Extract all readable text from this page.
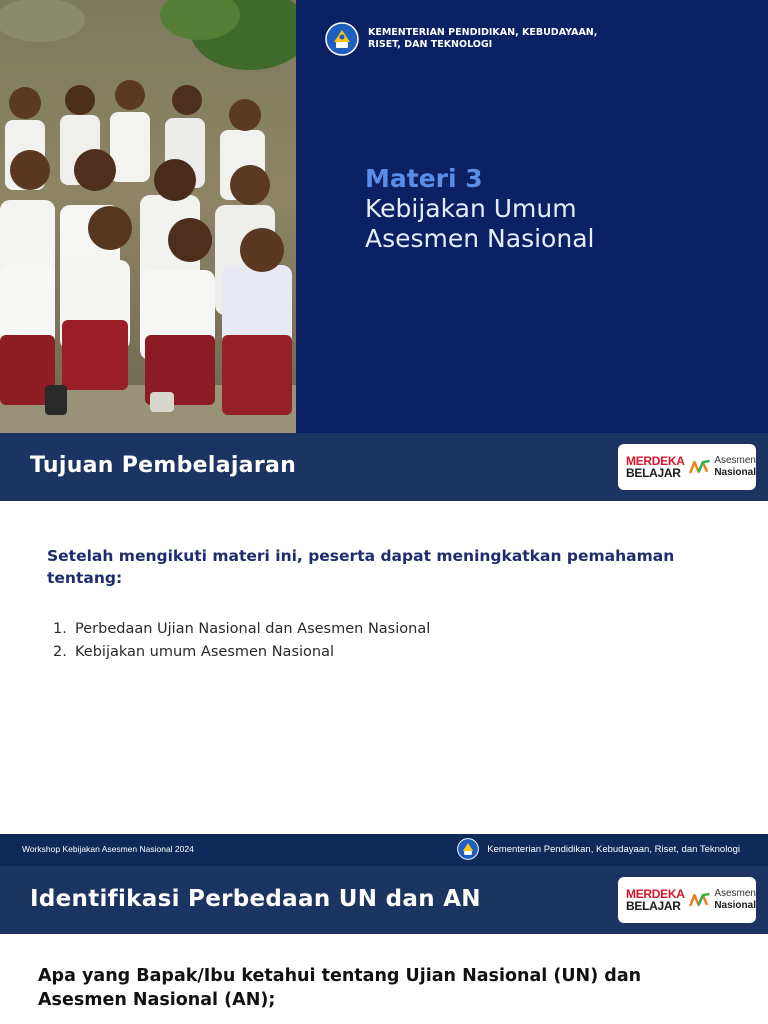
KEMENTERIAN PENDIDIKAN, KEBUDAYAAN,
RISET, DAN TEKNOLOGI
Materi 3
Kebijakan Umum
Asesmen Nasional
Tujuan Pembelajaran	MERDEKA
BELAJAR
Asesmen
Nasional
Setelah mengikuti materi ini, peserta dapat meningkatkan pemahaman tentang:
1. Perbedaan Ujian Nasional dan Asesmen Nasional
2. Kebijakan umum Asesmen Nasional
Workshop Kebijakan Asesmen Nasional 2024	Kementerian Pendidikan, Kebudayaan, Riset, dan Teknologi
Identifikasi Perbedaan UN dan AN	MERDEKA
BELAJAR
Asesmen
Nasional
Apa yang Bapak/Ibu ketahui tentang Ujian Nasional (UN) dan Asesmen Nasional (AN);
